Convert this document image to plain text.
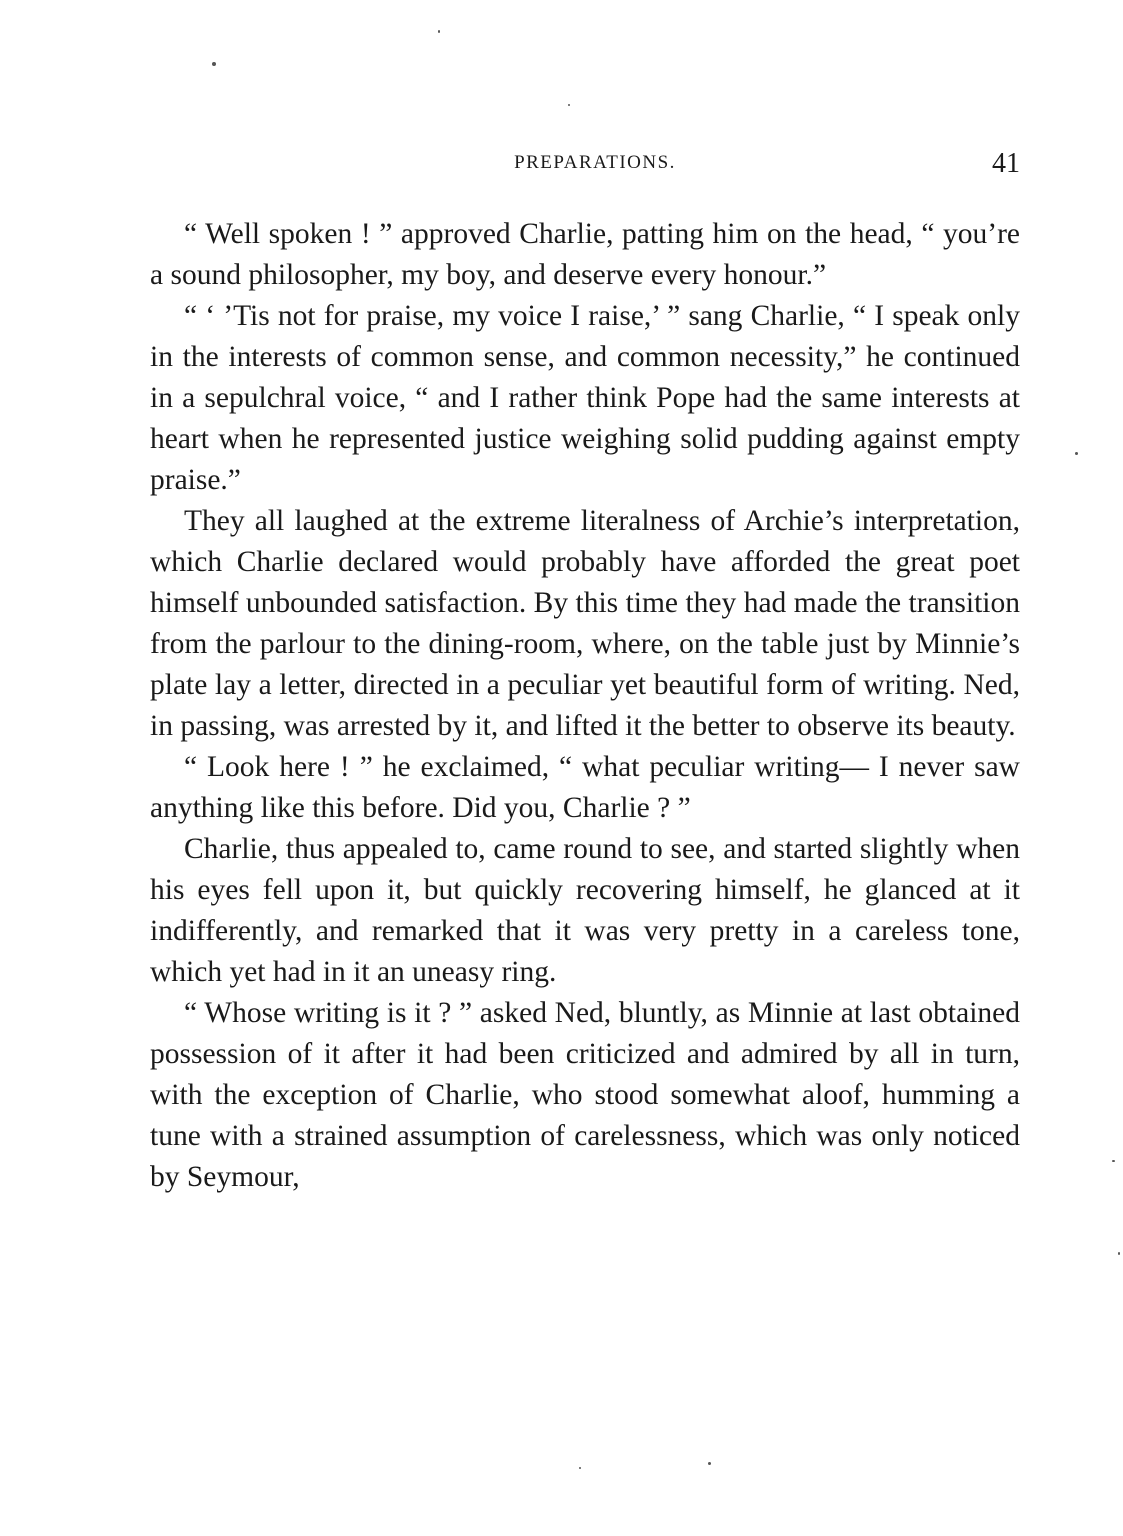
PREPARATIONS.	41

“ Well spoken ! ” approved Charlie, patting him on the head, “ you’re a sound philosopher, my boy, and deserve every honour.”

“ ‘ ’Tis not for praise, my voice I raise,’ ” sang Charlie, “ I speak only in the interests of common sense, and common necessity,” he continued in a sepulchral voice, “ and I rather think Pope had the same interests at heart when he represented justice weighing solid pudding against empty praise.”

They all laughed at the extreme literalness of Archie’s interpretation, which Charlie declared would probably have afforded the great poet himself unbounded satisfaction. By this time they had made the transition from the parlour to the dining-room, where, on the table just by Minnie’s plate lay a letter, directed in a peculiar yet beautiful form of writing. Ned, in passing, was arrested by it, and lifted it the better to observe its beauty.

“ Look here ! ” he exclaimed, “ what peculiar writing— I never saw anything like this before. Did you, Charlie ? ”

Charlie, thus appealed to, came round to see, and started slightly when his eyes fell upon it, but quickly recovering himself, he glanced at it indifferently, and remarked that it was very pretty in a careless tone, which yet had in it an uneasy ring.

“ Whose writing is it ? ” asked Ned, bluntly, as Minnie at last obtained possession of it after it had been criticized and admired by all in turn, with the exception of Charlie, who stood somewhat aloof, humming a tune with a strained assumption of carelessness, which was only noticed by Seymour,
